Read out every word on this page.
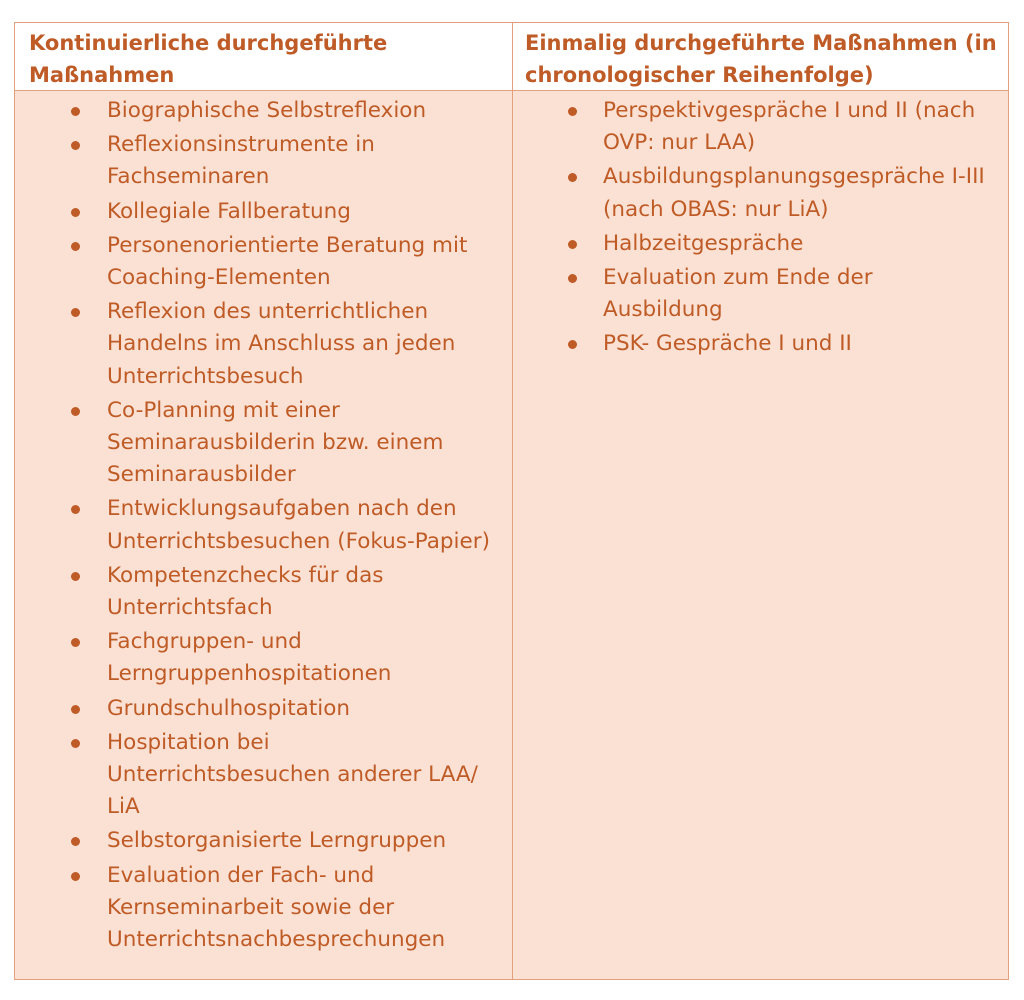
Kontinuierliche durchgeführte Maßnahmen
Einmalig durchgeführte Maßnahmen (in chronologischer Reihenfolge)
Biographische Selbstreflexion
Reflexionsinstrumente in Fachseminaren
Kollegiale Fallberatung
Personenorientierte Beratung mit Coaching-Elementen
Reflexion des unterrichtlichen Handelns im Anschluss an jeden Unterrichtsbesuch
Co-Planning mit einer Seminarausbilderin bzw. einem Seminarausbilder
Entwicklungsaufgaben nach den Unterrichtsbesuchen (Fokus-Papier)
Kompetenzchecks für das Unterrichtsfach
Fachgruppen- und Lerngruppenhospitationen
Grundschulhospitation
Hospitation bei Unterrichtsbesuchen anderer LAA/ LiA
Selbstorganisierte Lerngruppen
Evaluation der Fach- und Kernseminarbeit sowie der Unterrichtsnachbesprechungen
Perspektivgespräche I und II (nach OVP: nur LAA)
Ausbildungsplanungsgespräche I-III (nach OBAS: nur LiA)
Halbzeitgespräche
Evaluation zum Ende der Ausbildung
PSK- Gespräche I und II
